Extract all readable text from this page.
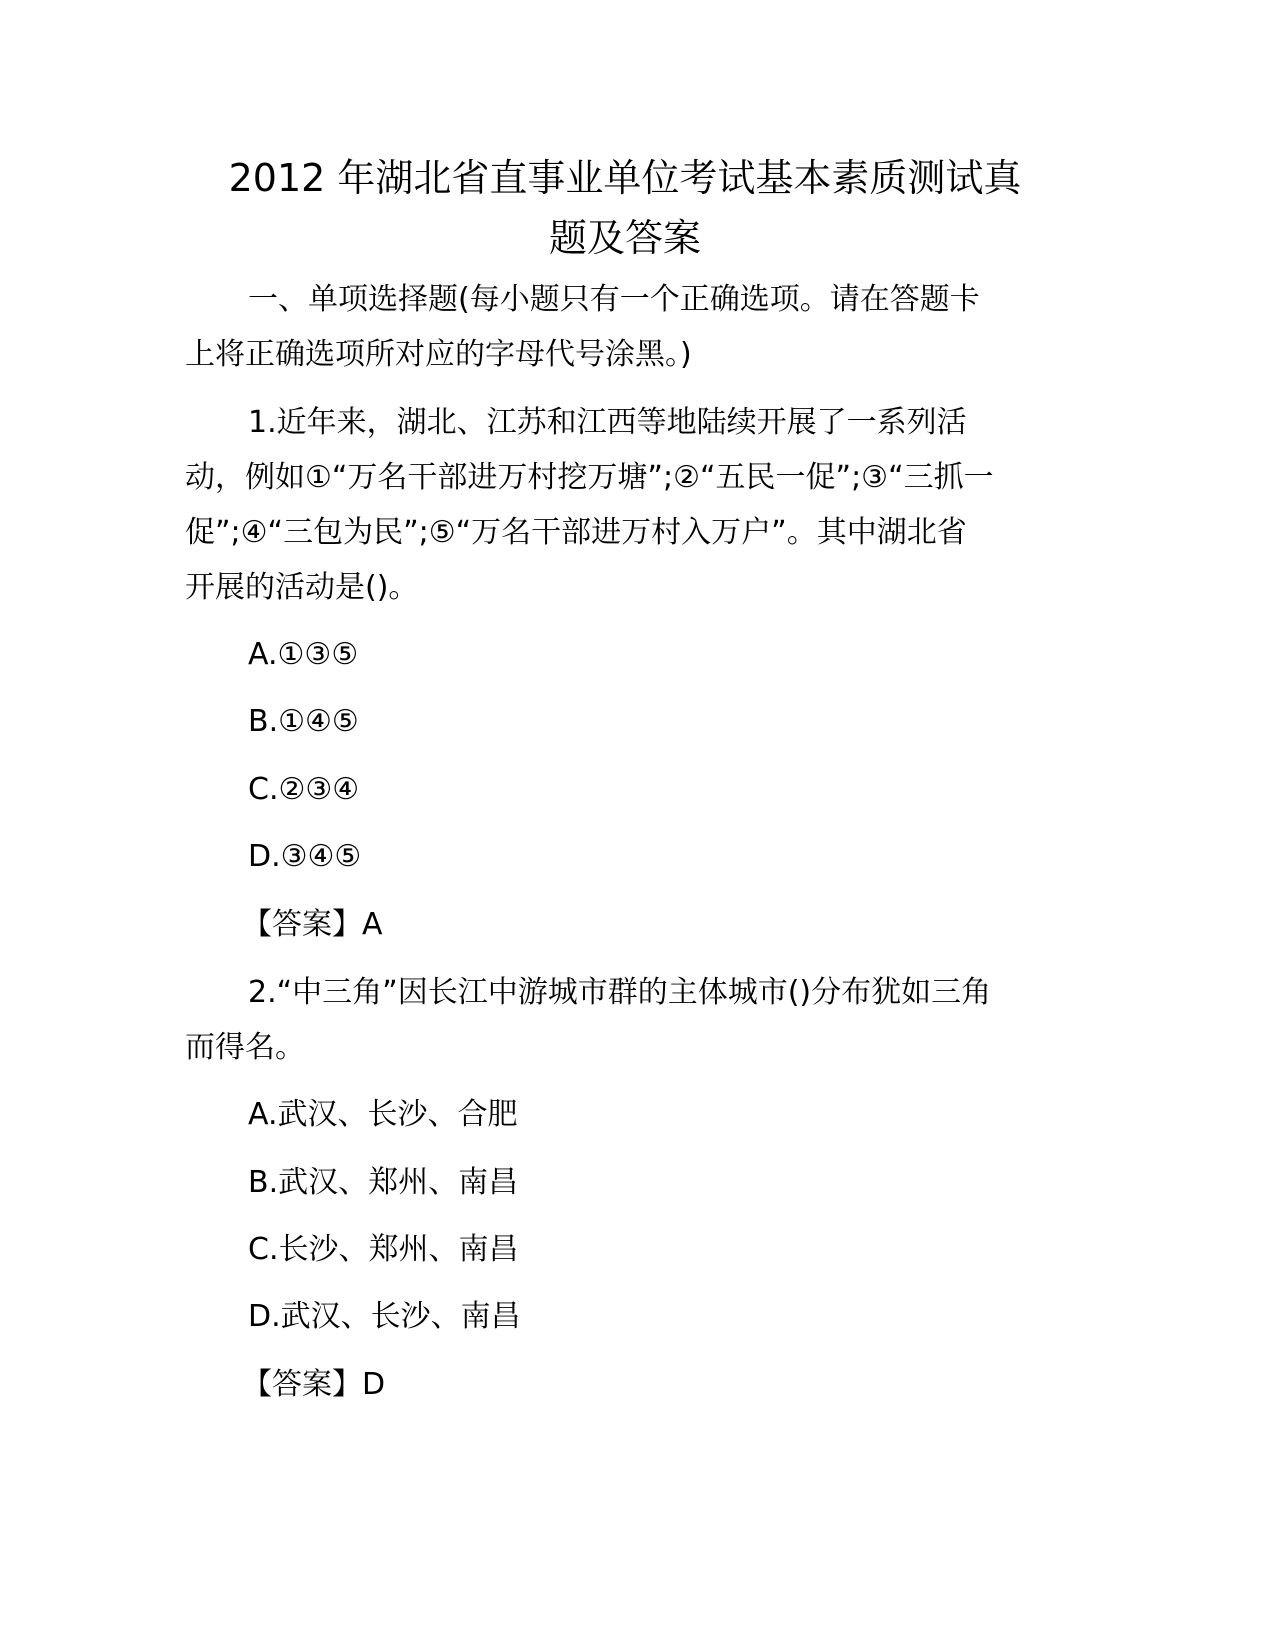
2012 年湖北省直事业单位考试基本素质测试真
题及答案
一、单项选择题(每小题只有一个正确选项。请在答题卡
上将正确选项所对应的字母代号涂黑。)
1.近年来，湖北、江苏和江西等地陆续开展了一系列活
动，例如①“万名干部进万村挖万塘”;②“五民一促”;③“三抓一
促”;④“三包为民”;⑤“万名干部进万村入万户”。其中湖北省
开展的活动是()。
A.①③⑤
B.①④⑤
C.②③④
D.③④⑤
【答案】A
2.“中三角”因长江中游城市群的主体城市()分布犹如三角
而得名。
A.武汉、长沙、合肥
B.武汉、郑州、南昌
C.长沙、郑州、南昌
D.武汉、长沙、南昌
【答案】D
